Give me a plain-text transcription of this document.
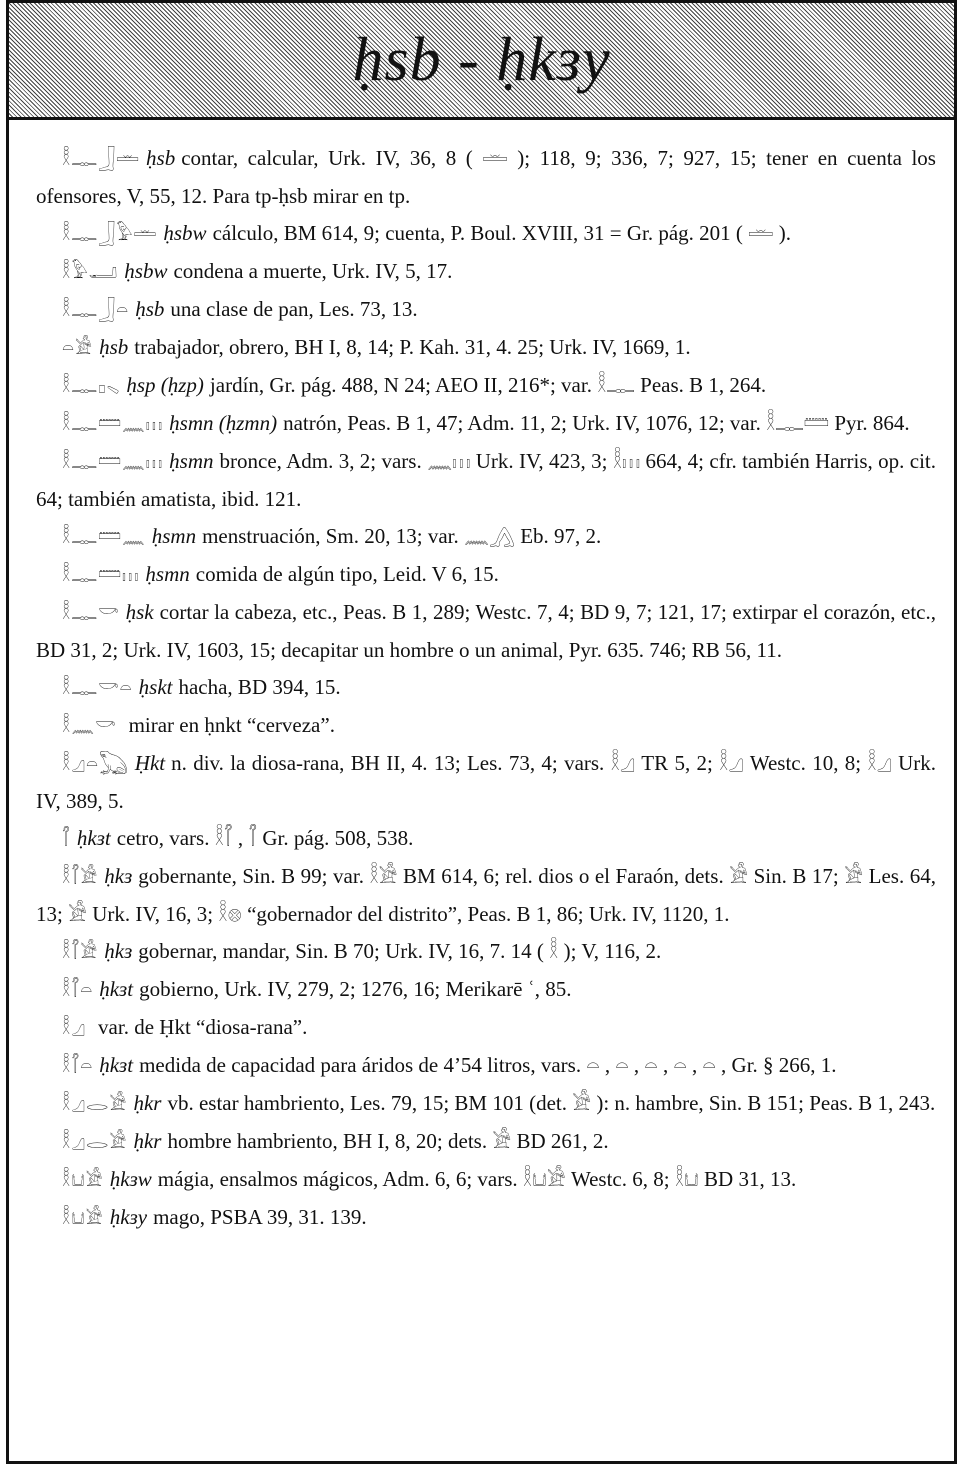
ḥsb - ḥkɜy
𓎛𓊃𓃀𓏛 ḥsb contar, calcular, Urk. IV, 36, 8 ( 𓏛 ); 118, 9; 336, 7; 927, 15; tener en cuenta los ofensores, V, 55, 12. Para tp-ḥsb mirar en tp.
𓎛𓊃𓃀𓅱𓏛 ḥsbw cálculo, BM 614, 9; cuenta, P. Boul. XVIII, 31 = Gr. pág. 201 ( 𓏛 ).
𓎛𓅱𓂝 ḥsbw condena a muerte, Urk. IV, 5, 17.
𓎛𓊃𓃀𓏏 ḥsb una clase de pan, Les. 73, 13.
𓏏𓀀 ḥsb trabajador, obrero, BH I, 8, 14; P. Kah. 31, 4. 25; Urk. IV, 1669, 1.
𓎛𓊃𓊪𓈅 ḥsp (ḥzp) jardín, Gr. pág. 488, N 24; AEO II, 216*; var. 𓎛𓊃 Peas. B 1, 264.
𓎛𓊃𓏠𓈖𓏥 ḥsmn (ḥzmn) natrón, Peas. B 1, 47; Adm. 11, 2; Urk. IV, 1076, 12; var. 𓎛𓊃𓏠 Pyr. 864.
𓎛𓊃𓏠𓈖𓏥 ḥsmn bronce, Adm. 3, 2; vars. 𓈖𓏥 Urk. IV, 423, 3; 𓎛𓏥 664, 4; cfr. también Harris, op. cit. 64; también amatista, ibid. 121.
𓎛𓊃𓏠𓈖 ḥsmn menstruación, Sm. 20, 13; var. 𓈖𓂻 Eb. 97, 2.
𓎛𓊃𓏠𓏥 ḥsmn comida de algún tipo, Leid. V 6, 15.
𓎛𓊃𓎡 ḥsk cortar la cabeza, etc., Peas. B 1, 289; Westc. 7, 4; BD 9, 7; 121, 17; extirpar el corazón, etc., BD 31, 2; Urk. IV, 1603, 15; decapitar un hombre o un animal, Pyr. 635. 746; RB 56, 11.
𓎛𓊃𓎡𓏏 ḥskt hacha, BD 394, 15.
𓎛𓈖𓎡 mirar en ḥnkt “cerveza”.
𓎛𓈎𓏏𓆏 Ḥkt n. div. la diosa-rana, BH II, 4. 13; Les. 73, 4; vars. 𓎛𓈎 TR 5, 2; 𓎛𓈎 Westc. 10, 8; 𓎛𓈎 Urk. IV, 389, 5.
𓋾 ḥkɜt cetro, vars. 𓎛𓋾 , 𓋾 Gr. pág. 508, 538.
𓎛𓋾𓀀 ḥkɜ gobernante, Sin. B 99; var. 𓎛𓀀 BM 614, 6; rel. dios o el Faraón, dets. 𓀀 Sin. B 17; 𓀀 Les. 64, 13; 𓀀 Urk. IV, 16, 3; 𓎛𓊖 “gobernador del distrito”, Peas. B 1, 86; Urk. IV, 1120, 1.
𓎛𓋾𓀀 ḥkɜ gobernar, mandar, Sin. B 70; Urk. IV, 16, 7. 14 ( 𓎛 ); V, 116, 2.
𓎛𓋾𓏏 ḥkɜt gobierno, Urk. IV, 279, 2; 1276, 16; Merikarē ʿ, 85.
𓎛𓈎 var. de Ḥkt “diosa-rana”.
𓎛𓋾𓏏 ḥkɜt medida de capacidad para áridos de 4’54 litros, vars. 𓏏 , 𓏏 , 𓏏 , 𓏏 , 𓏏 , Gr. § 266, 1.
𓎛𓈎𓂋𓀀 ḥkr vb. estar hambriento, Les. 79, 15; BM 101 (det. 𓀀 ): n. hambre, Sin. B 151; Peas. B 1, 243.
𓎛𓈎𓂋𓀀 ḥkr hombre hambriento, BH I, 8, 20; dets. 𓀀 BD 261, 2.
𓎛𓂓𓀀 ḥkɜw mágia, ensalmos mágicos, Adm. 6, 6; vars. 𓎛𓂓𓀀 Westc. 6, 8; 𓎛𓂓 BD 31, 13.
𓎛𓂓𓀀 ḥkɜy mago, PSBA 39, 31. 139.
